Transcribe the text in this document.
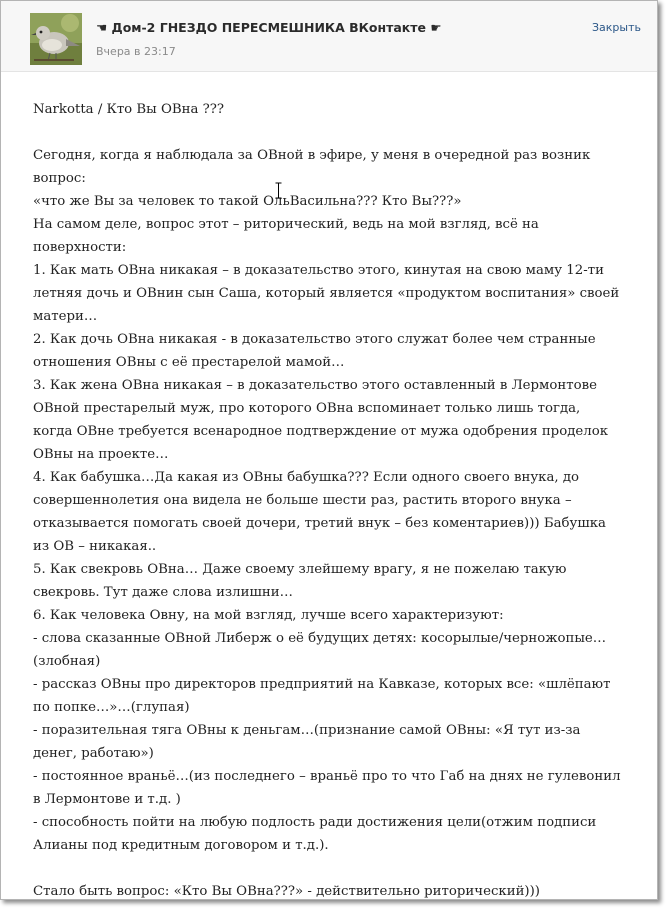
☚ Дом-2 ГНЕЗДО ПЕРЕСМЕШНИКА ВКонтакте ☛
Вчера в 23:17
Закрыть
Narkotta / Кто Вы ОВна ???
Сегодня, когда я наблюдала за ОВной в эфире, у меня в очередной раз возник
вопрос:
«что же Вы за человек то такой ОльВасильна??? Кто Вы???»
На самом деле, вопрос этот – риторический, ведь на мой взгляд, всё на
поверхности:
1. Как мать ОВна никакая – в доказательство этого, кинутая на свою маму 12-ти
летняя дочь и ОВнин сын Саша, который является «продуктом воспитания» своей
матери…
2. Как дочь ОВна никакая - в доказательство этого служат более чем странные
отношения ОВны с её престарелой мамой…
3. Как жена ОВна никакая – в доказательство этого оставленный в Лермонтове
ОВной престарелый муж, про которого ОВна вспоминает только лишь тогда,
когда ОВне требуется всенародное подтверждение от мужа одобрения проделок
ОВны на проекте…
4. Как бабушка…Да какая из ОВны бабушка??? Если одного своего внука, до
совершеннолетия она видела не больше шести раз, растить второго внука –
отказывается помогать своей дочери, третий внук – без коментариев))) Бабушка
из ОВ – никакая..
5. Как свекровь ОВна… Даже своему злейшему врагу, я не пожелаю такую
свекровь. Тут даже слова излишни…
6. Как человека Овну, на мой взгляд, лучше всего характеризуют:
- слова сказанные ОВной Либерж о её будущих детях: косорылые/черножопые…
(злобная)
- рассказ ОВны про директоров предприятий на Кавказе, которых все: «шлёпают
по попке…»…(глупая)
- поразительная тяга ОВны к деньгам…(признание самой ОВны: «Я тут из-за
денег, работаю»)
- постоянное враньё…(из последнего – враньё про то что Габ на днях не гулевонил
в Лермонтове и т.д. )
- способность пойти на любую подлость ради достижения цели(отжим подписи
Алианы под кредитным договором и т.д.).
Стало быть вопрос: «Кто Вы ОВна???» - действительно риторический)))
